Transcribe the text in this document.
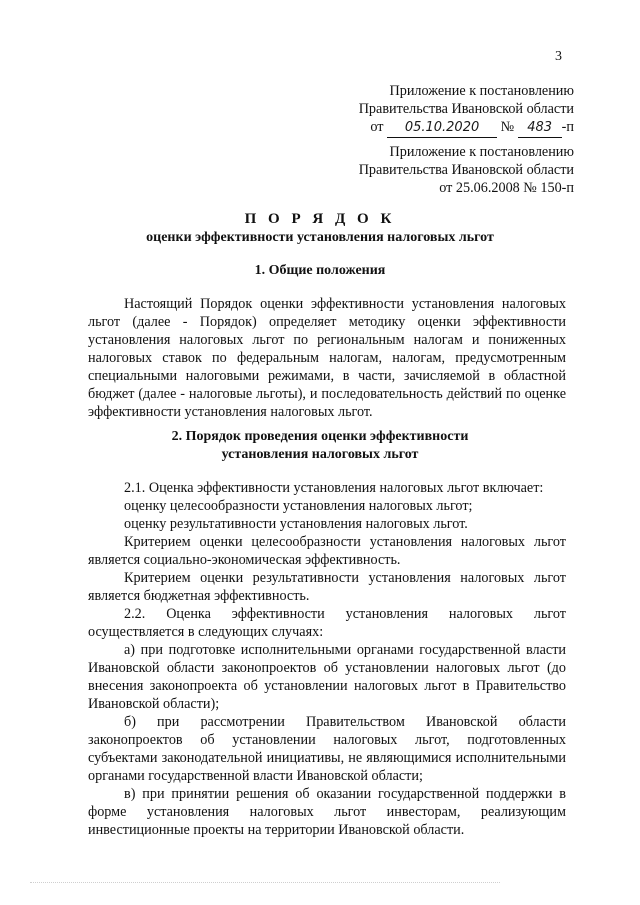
3
Приложение к постановлению
Правительства Ивановской области
от 05.10.2020 № 483 -п
Приложение к постановлению
Правительства Ивановской области
от 25.06.2008 № 150-п
П О Р Я Д О К
оценки эффективности установления налоговых льгот
1. Общие положения

Настоящий Порядок оценки эффективности установления налоговых льгот (далее - Порядок) определяет методику оценки эффективности установления налоговых льгот по региональным налогам и пониженных налоговых ставок по федеральным налогам, налогам, предусмотренным специальными налоговыми режимами, в части, зачисляемой в областной бюджет (далее - налоговые льготы), и последовательность действий по оценке эффективности установления налоговых льгот.

2. Порядок проведения оценки эффективности
установления налоговых льгот

2.1. Оценка эффективности установления налоговых льгот включает:

оценку целесообразности установления налоговых льгот;

оценку результативности установления налоговых льгот.

Критерием оценки целесообразности установления налоговых льгот является социально-экономическая эффективность.

Критерием оценки результативности установления налоговых льгот является бюджетная эффективность.

2.2. Оценка эффективности установления налоговых льгот осуществляется в следующих случаях:

а) при подготовке исполнительными органами государственной власти Ивановской области законопроектов об установлении налоговых льгот (до внесения законопроекта об установлении налоговых льгот в Правительство Ивановской области);

б) при рассмотрении Правительством Ивановской области законопроектов об установлении налоговых льгот, подготовленных субъектами законодательной инициативы, не являющимися исполнительными органами государственной власти Ивановской области;

в) при принятии решения об оказании государственной поддержки в форме установления налоговых льгот инвесторам, реализующим инвестиционные проекты на территории Ивановской области.
